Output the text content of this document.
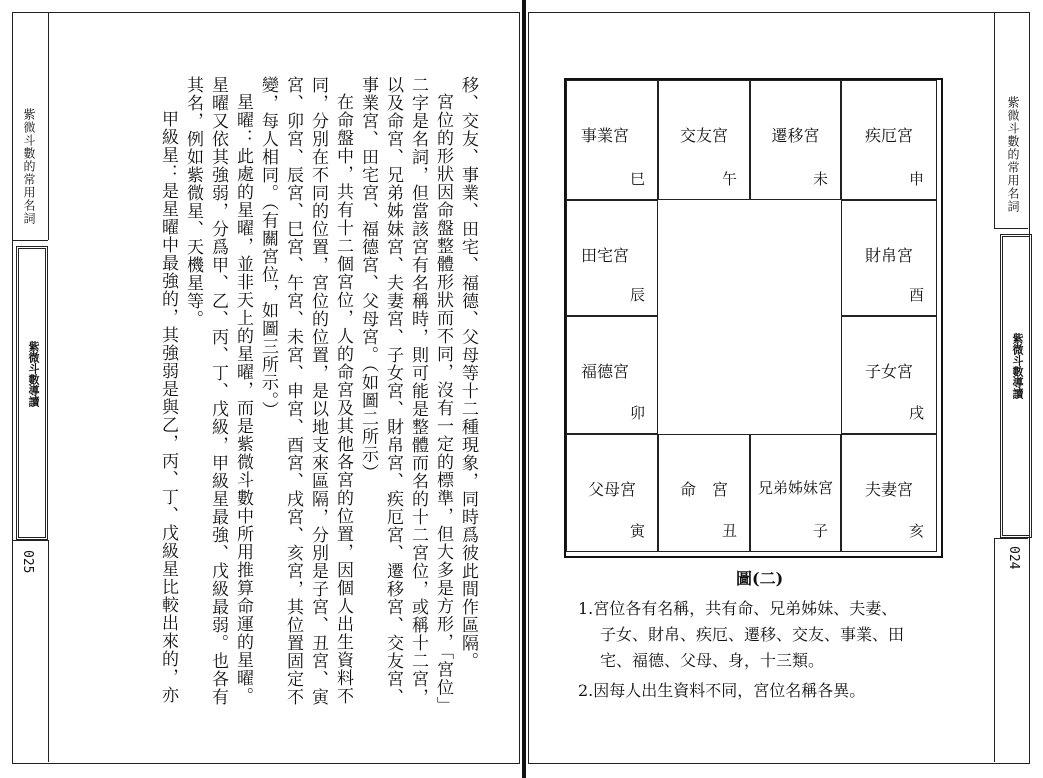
紫微斗數的常用名詞
紫微斗數導讀
025	移、交友、事業、田宅、福德、父母等十二種現象，同時爲彼此間作區隔。

宮位的形狀因命盤整體形狀而不同，沒有一定的標準，但大多是方形，「宮位」二字是名詞，但當該宮有名稱時，則可能是整體而名的十二宮位，或稱十二宮，以及命宮、兄弟姊妹宮、夫妻宮、子女宮、財帛宮、疾厄宮、遷移宮、交友宮、事業宮、田宅宮、福德宮、父母宮。（如圖二所示）

在命盤中，共有十二個宮位，人的命宮及其他各宮的位置，因個人出生資料不同，分別在不同的位置，宮位的位置，是以地支來區隔，分別是子宮、丑宮、寅宮、卯宮、辰宮、巳宮、午宮、未宮、申宮、酉宮、戌宮、亥宮，其位置固定不變，每人相同。（有關宮位，如圖三所示。）

星曜：此處的星曜，並非天上的星曜，而是紫微斗數中所用推算命運的星曜。星曜又依其強弱，分爲甲、乙、丙、丁、戊級，甲級星最強、戊級最弱。也各有其名，例如紫微星、天機星等。

甲級星：是星曜中最強的，其強弱是與乙，丙、丁、戊級星比較出來的，亦	紫微斗數的常用名詞
紫微斗數導讀
024
事業宮
巳
交友宮
午
遷移宮
未
疾厄宮
申
財帛宮
酉
子女宮
戌
夫妻宮
亥
兄弟姊妹宮
子
命　宮
丑
父母宮
寅
福德宮
卯
田宅宮
辰
圖(二)
1.宮位各有名稱，共有命、兄弟姊妹、夫妻、
子女、財帛、疾厄、遷移、交友、事業、田
宅、福德、父母、身，十三類。
2.因每人出生資料不同，宮位名稱各異。
